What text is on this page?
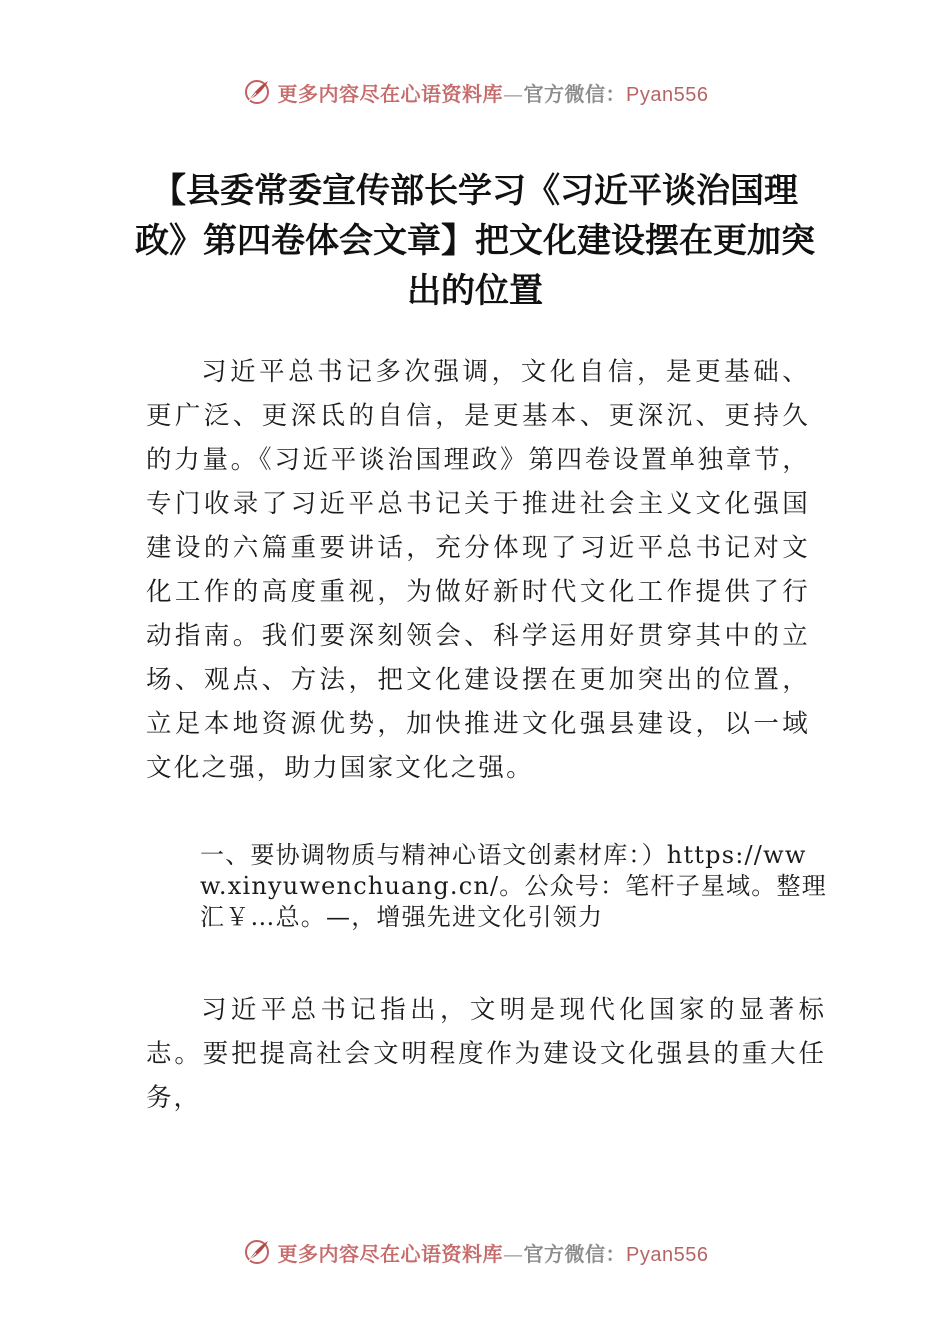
更多内容尽在心语资料库—官方微信：Pyan556
【县委常委宣传部长学习《习近平谈治国理政》第四卷体会文章】把文化建设摆在更加突出的位置

习近平总书记多次强调，文化自信，是更基础、更广泛、更深氐的自信，是更基本、更深沉、更持久的力量。《习近平谈治国理政》第四卷设置单独章节，专门收录了习近平总书记关于推进社会主义文化强国建设的六篇重要讲话，充分体现了习近平总书记对文化工作的高度重视，为做好新时代文化工作提供了行动指南。我们要深刻领会、科学运用好贯穿其中的立场、观点、方法，把文化建设摆在更加突出的位置，立足本地资源优势，加快推进文化强县建设，以一域文化之强，助力国家文化之强。

一、要协调物质与精神心语文创素材库：）https://www.xinyuwenchuang.cn/。公众号：笔杆子星域。整理汇￥…总。—，增强先进文化引领力

习近平总书记指出，文明是现代化国家的显著标志。要把提高社会文明程度作为建设文化强县的重大任务，

更多内容尽在心语资料库—官方微信：Pyan556
